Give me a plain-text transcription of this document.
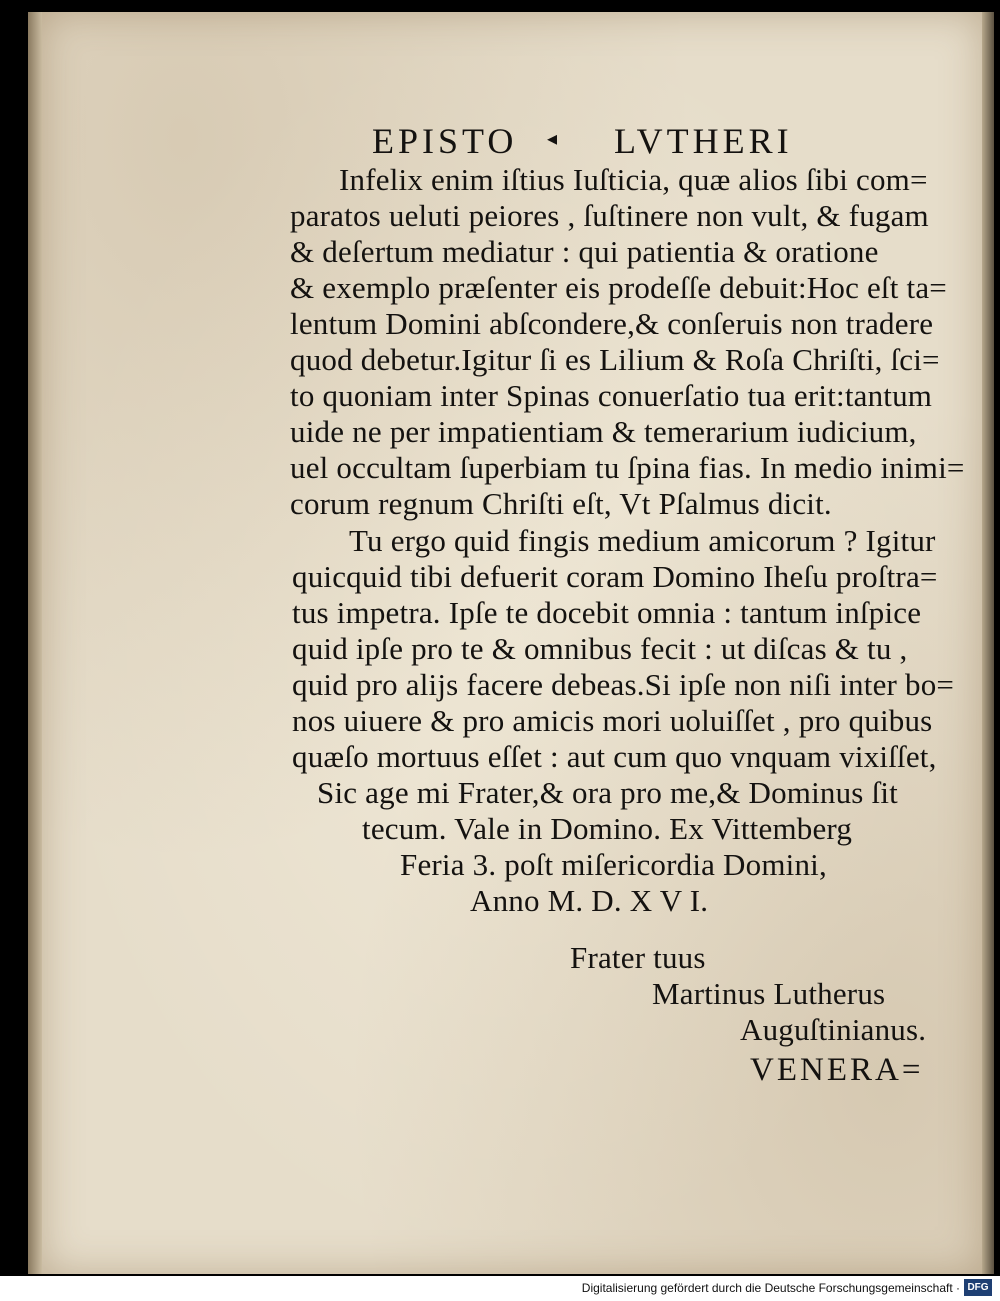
EPISTO ◂ LVTHERI
Infelix enim iſtius Iuſticia, quæ alios ſibi com=
paratos ueluti peiores , ſuſtinere non vult, & fugam
& deſertum mediatur : qui patientia & oratione
& exemplo præſenter eis prodeſſe debuit:Hoc eſt ta=
lentum Domini abſcondere,& conſeruis non tradere
quod debetur.Igitur ſi es Lilium & Roſa Chriſti, ſci=
to quoniam inter Spinas conuerſatio tua erit:tantum
uide ne per impatientiam & temerarium iudicium,
uel occultam ſuperbiam tu ſpina fias. In medio inimi=
corum regnum Chriſti eſt, Vt Pſalmus dicit.
Tu ergo quid fingis medium amicorum ? Igitur
quicquid tibi defuerit coram Domino Iheſu proſtra=
tus impetra. Ipſe te docebit omnia : tantum inſpice
quid ipſe pro te & omnibus fecit : ut diſcas & tu ,
quid pro alijs facere debeas.Si ipſe non niſi inter bo=
nos uiuere & pro amicis mori uoluiſſet , pro quibus
quæſo mortuus eſſet : aut cum quo vnquam vixiſſet,
Sic age mi Frater,& ora pro me,& Dominus ſit
tecum. Vale in Domino. Ex Vittemberg
Feria 3. poſt miſericordia Domini,
Anno M. D. X V I.
Frater tuus
Martinus Lutherus
Auguſtinianus.
VENERA=
Digitalisierung gefördert durch die Deutsche Forschungsgemeinschaft · DFG
